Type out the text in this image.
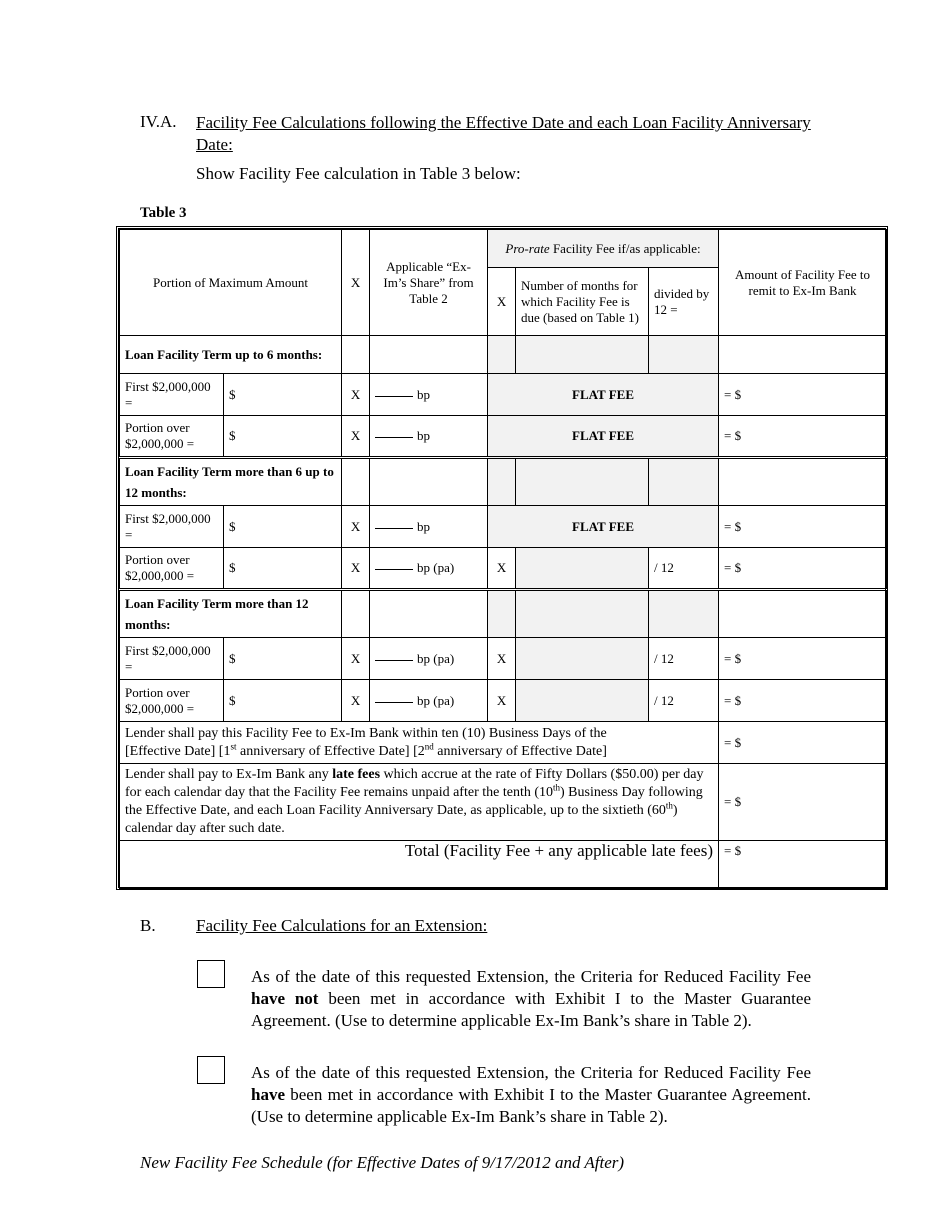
IV.A. Facility Fee Calculations following the Effective Date and each Loan Facility Anniversary Date:
Show Facility Fee calculation in Table 3 below:
Table 3
Portion of Maximum Amount		X	Applicable “Ex-Im’s Share” from Table 2	Pro-rate Facility Fee if/as applicable:			Amount of Facility Fee to remit to Ex-Im Bank
				X	Number of months for which Facility Fee is due (based on Table 1)	divided by 12 =	
Loan Facility Term up to 6 months:							
First $2,000,000 =	$	X	bp	FLAT FEE			= $
Portion over $2,000,000 =	$	X	bp	FLAT FEE			= $
Loan Facility Term more than 6 up to 12 months:							
First $2,000,000 =	$	X	bp	FLAT FEE			= $
Portion over $2,000,000 =	$	X	bp (pa)	X		/ 12	= $
Loan Facility Term more than 12 months:							
First $2,000,000 =	$	X	bp (pa)	X		/ 12	= $
Portion over $2,000,000 =	$	X	bp (pa)	X		/ 12	= $

Lender shall pay this Facility Fee to Ex-Im Bank within ten (10) Business Days of the
[Effective Date] [1st anniversary of Effective Date] [2nd anniversary of Effective Date]							= $
Lender shall pay to Ex-Im Bank any late fees which accrue at the rate of Fifty Dollars ($50.00) per day for each calendar day that the Facility Fee remains unpaid after the tenth (10th) Business Day following the Effective Date, and each Loan Facility Anniversary Date, as applicable, up to the sixtieth (60th) calendar day after such date.							= $
Total (Facility Fee + any applicable late fees)							= $
B. Facility Fee Calculations for an Extension:
As of the date of this requested Extension, the Criteria for Reduced Facility Fee have not been met in accordance with Exhibit I to the Master Guarantee Agreement. (Use to determine applicable Ex-Im Bank’s share in Table 2).
As of the date of this requested Extension, the Criteria for Reduced Facility Fee have been met in accordance with Exhibit I to the Master Guarantee Agreement. (Use to determine applicable Ex-Im Bank’s share in Table 2).
New Facility Fee Schedule (for Effective Dates of 9/17/2012 and After)
